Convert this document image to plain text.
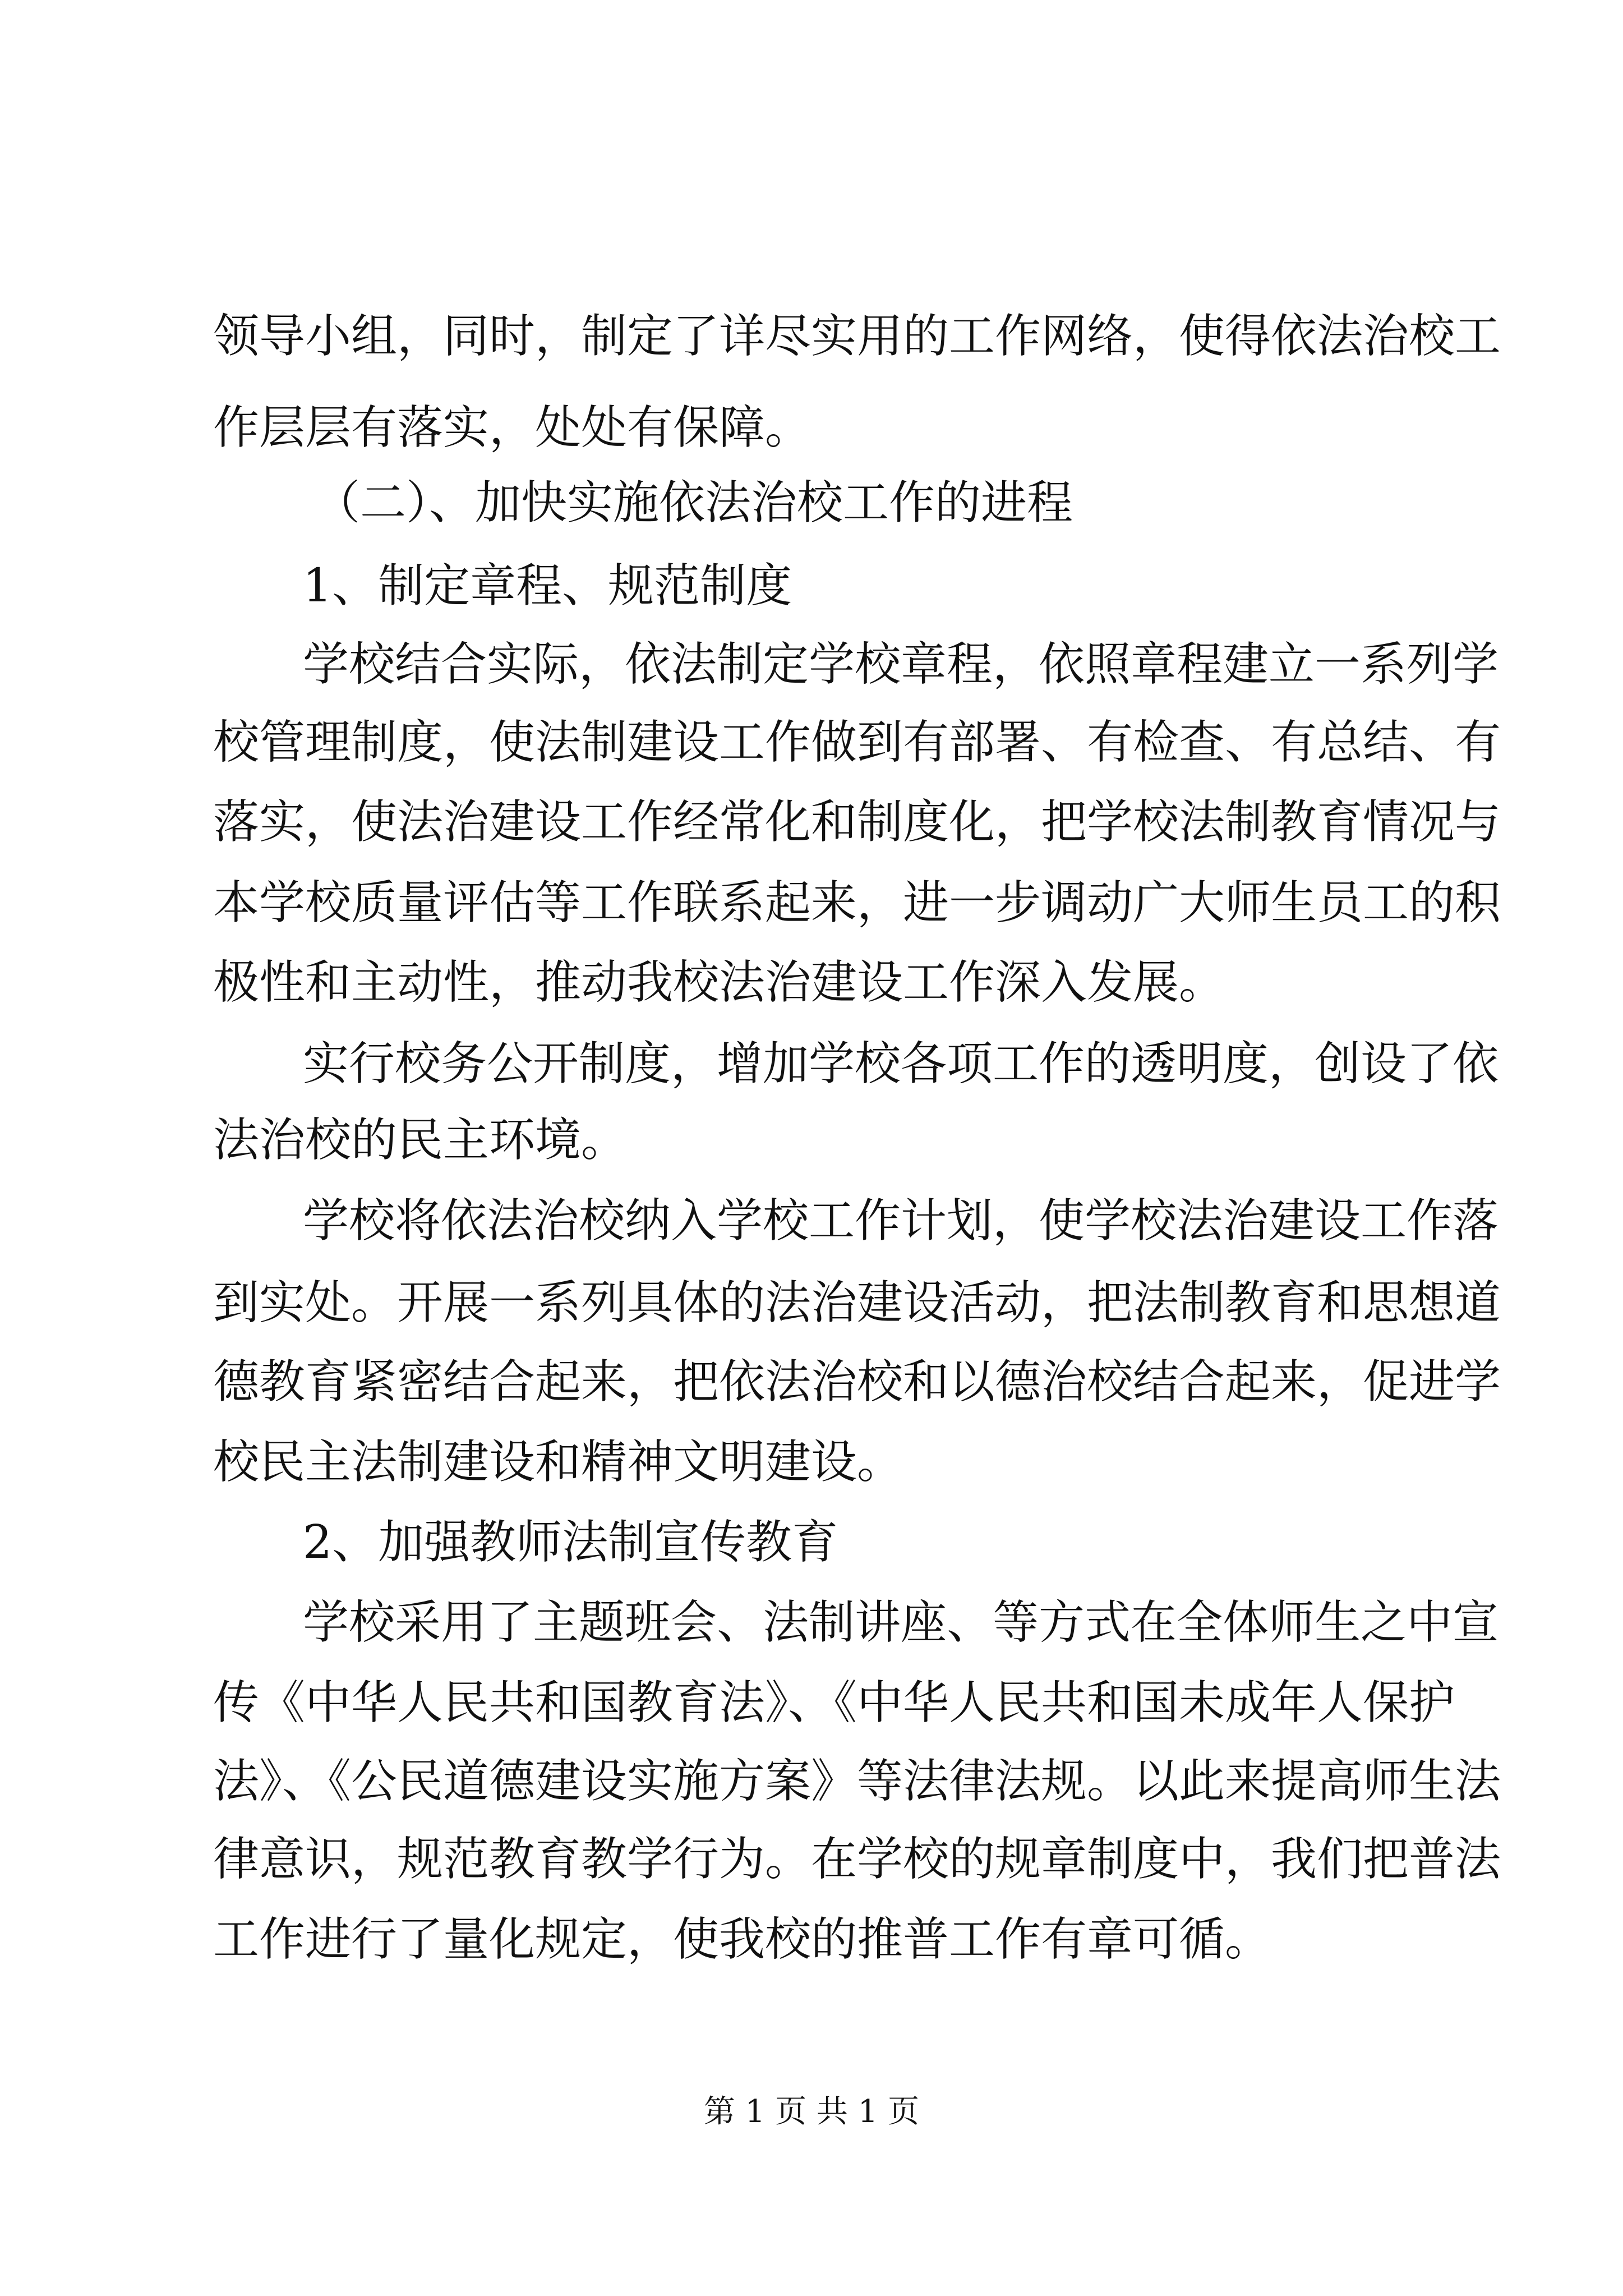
领导小组，同时，制定了详尽实用的工作网络，使得依法治校工
作层层有落实，处处有保障。
（二）、加快实施依法治校工作的进程
1、制定章程、规范制度
学校结合实际，依法制定学校章程，依照章程建立一系列学
校管理制度，使法制建设工作做到有部署、有检查、有总结、有
落实，使法治建设工作经常化和制度化，把学校法制教育情况与
本学校质量评估等工作联系起来，进一步调动广大师生员工的积
极性和主动性，推动我校法治建设工作深入发展。
实行校务公开制度，增加学校各项工作的透明度，创设了依
法治校的民主环境。
学校将依法治校纳入学校工作计划，使学校法治建设工作落
到实处。开展一系列具体的法治建设活动，把法制教育和思想道
德教育紧密结合起来，把依法治校和以德治校结合起来，促进学
校民主法制建设和精神文明建设。
2、加强教师法制宣传教育
学校采用了主题班会、法制讲座、等方式在全体师生之中宣
传《中华人民共和国教育法》、《中华人民共和国未成年人保护
法》、《公民道德建设实施方案》等法律法规。以此来提高师生法
律意识，规范教育教学行为。在学校的规章制度中，我们把普法
工作进行了量化规定，使我校的推普工作有章可循。
第 1 页 共 1 页
